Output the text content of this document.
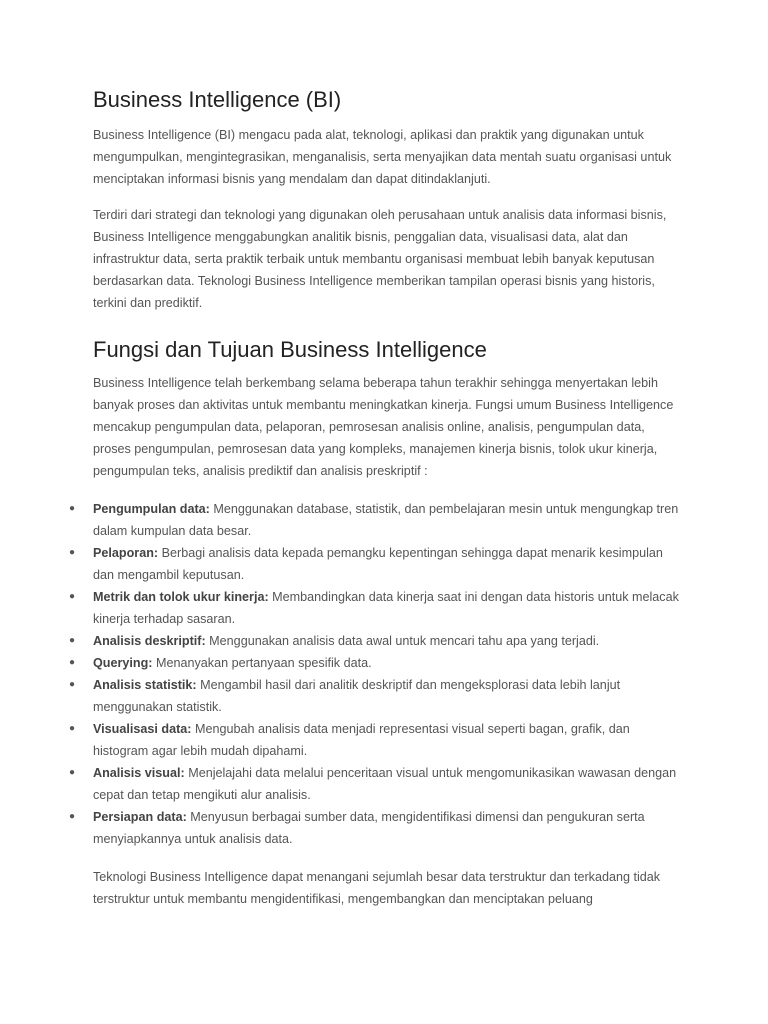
Business Intelligence (BI)

Business Intelligence (BI) mengacu pada alat, teknologi, aplikasi dan praktik yang digunakan untuk mengumpulkan, mengintegrasikan, menganalisis, serta menyajikan data mentah suatu organisasi untuk menciptakan informasi bisnis yang mendalam dan dapat ditindaklanjuti.

Terdiri dari strategi dan teknologi yang digunakan oleh perusahaan untuk analisis data informasi bisnis, Business Intelligence menggabungkan analitik bisnis, penggalian data, visualisasi data, alat dan infrastruktur data, serta praktik terbaik untuk membantu organisasi membuat lebih banyak keputusan berdasarkan data. Teknologi Business Intelligence memberikan tampilan operasi bisnis yang historis, terkini dan prediktif.

Fungsi dan Tujuan Business Intelligence

Business Intelligence telah berkembang selama beberapa tahun terakhir sehingga menyertakan lebih banyak proses dan aktivitas untuk membantu meningkatkan kinerja. Fungsi umum Business Intelligence mencakup pengumpulan data, pelaporan, pemrosesan analisis online, analisis, pengumpulan data, proses pengumpulan, pemrosesan data yang kompleks, manajemen kinerja bisnis, tolok ukur kinerja, pengumpulan teks, analisis prediktif dan analisis preskriptif :

● Pengumpulan data: Menggunakan database, statistik, dan pembelajaran mesin untuk mengungkap tren dalam kumpulan data besar.
● Pelaporan: Berbagi analisis data kepada pemangku kepentingan sehingga dapat menarik kesimpulan dan mengambil keputusan.
● Metrik dan tolok ukur kinerja: Membandingkan data kinerja saat ini dengan data historis untuk melacak kinerja terhadap sasaran.
● Analisis deskriptif: Menggunakan analisis data awal untuk mencari tahu apa yang terjadi.
● Querying: Menanyakan pertanyaan spesifik data.
● Analisis statistik: Mengambil hasil dari analitik deskriptif dan mengeksplorasi data lebih lanjut menggunakan statistik.
● Visualisasi data: Mengubah analisis data menjadi representasi visual seperti bagan, grafik, dan histogram agar lebih mudah dipahami.
● Analisis visual: Menjelajahi data melalui penceritaan visual untuk mengomunikasikan wawasan dengan cepat dan tetap mengikuti alur analisis.
● Persiapan data: Menyusun berbagai sumber data, mengidentifikasi dimensi dan pengukuran serta menyiapkannya untuk analisis data.

Teknologi Business Intelligence dapat menangani sejumlah besar data terstruktur dan terkadang tidak terstruktur untuk membantu mengidentifikasi, mengembangkan dan menciptakan peluang
